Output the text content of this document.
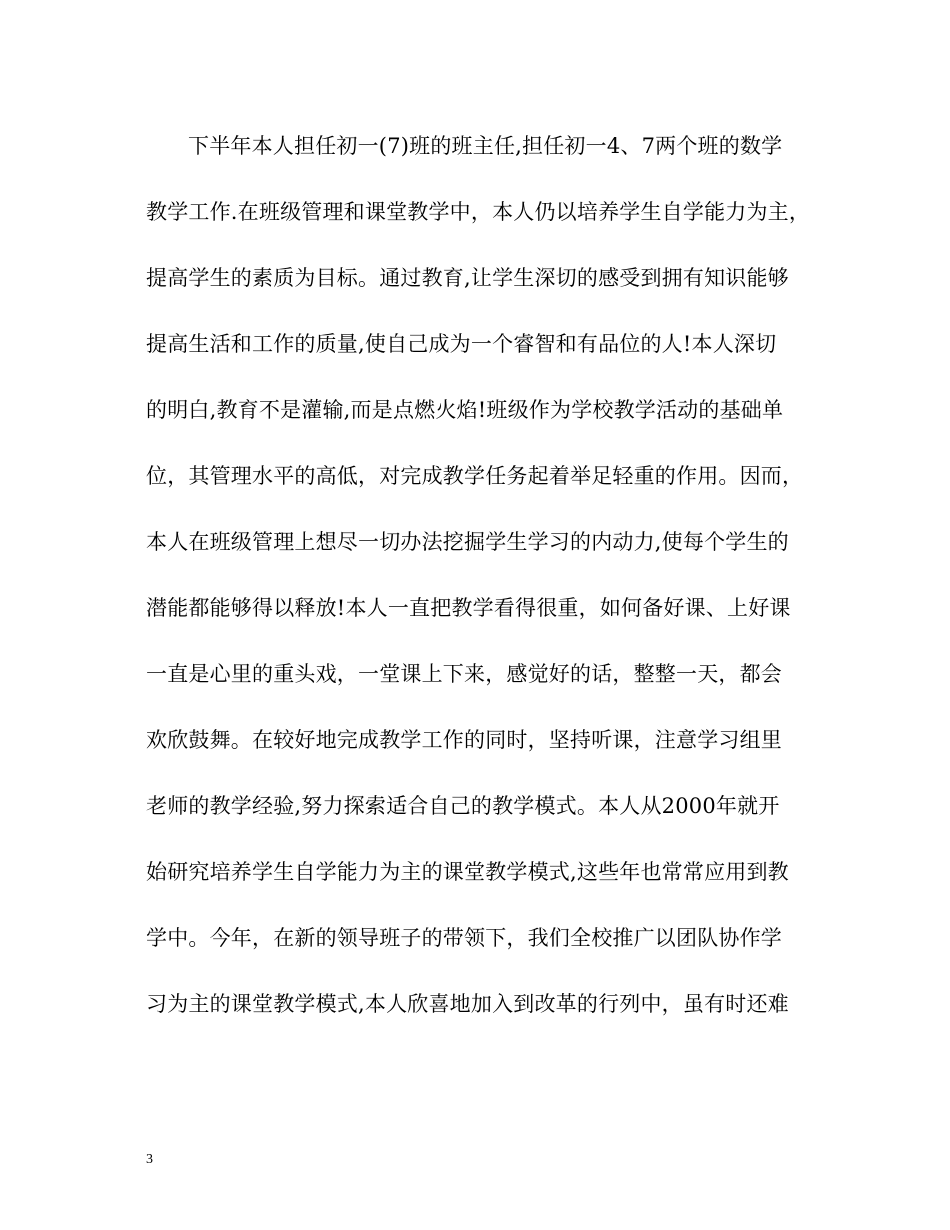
下半年本人担任初一(7)班的班主任,担任初一4、7两个班的数学
教学工作.在班级管理和课堂教学中，本人仍以培养学生自学能力为主，
提高学生的素质为目标。通过教育,让学生深切的感受到拥有知识能够
提高生活和工作的质量,使自己成为一个睿智和有品位的人!本人深切
的明白,教育不是灌输,而是点燃火焰!班级作为学校教学活动的基础单
位，其管理水平的高低，对完成教学任务起着举足轻重的作用。因而，
本人在班级管理上想尽一切办法挖掘学生学习的内动力,使每个学生的
潜能都能够得以释放!本人一直把教学看得很重，如何备好课、上好课
一直是心里的重头戏，一堂课上下来，感觉好的话，整整一天，都会
欢欣鼓舞。在较好地完成教学工作的同时，坚持听课，注意学习组里
老师的教学经验,努力探索适合自己的教学模式。本人从2000年就开
始研究培养学生自学能力为主的课堂教学模式,这些年也常常应用到教
学中。今年，在新的领导班子的带领下，我们全校推广以团队协作学
习为主的课堂教学模式,本人欣喜地加入到改革的行列中，虽有时还难
3
